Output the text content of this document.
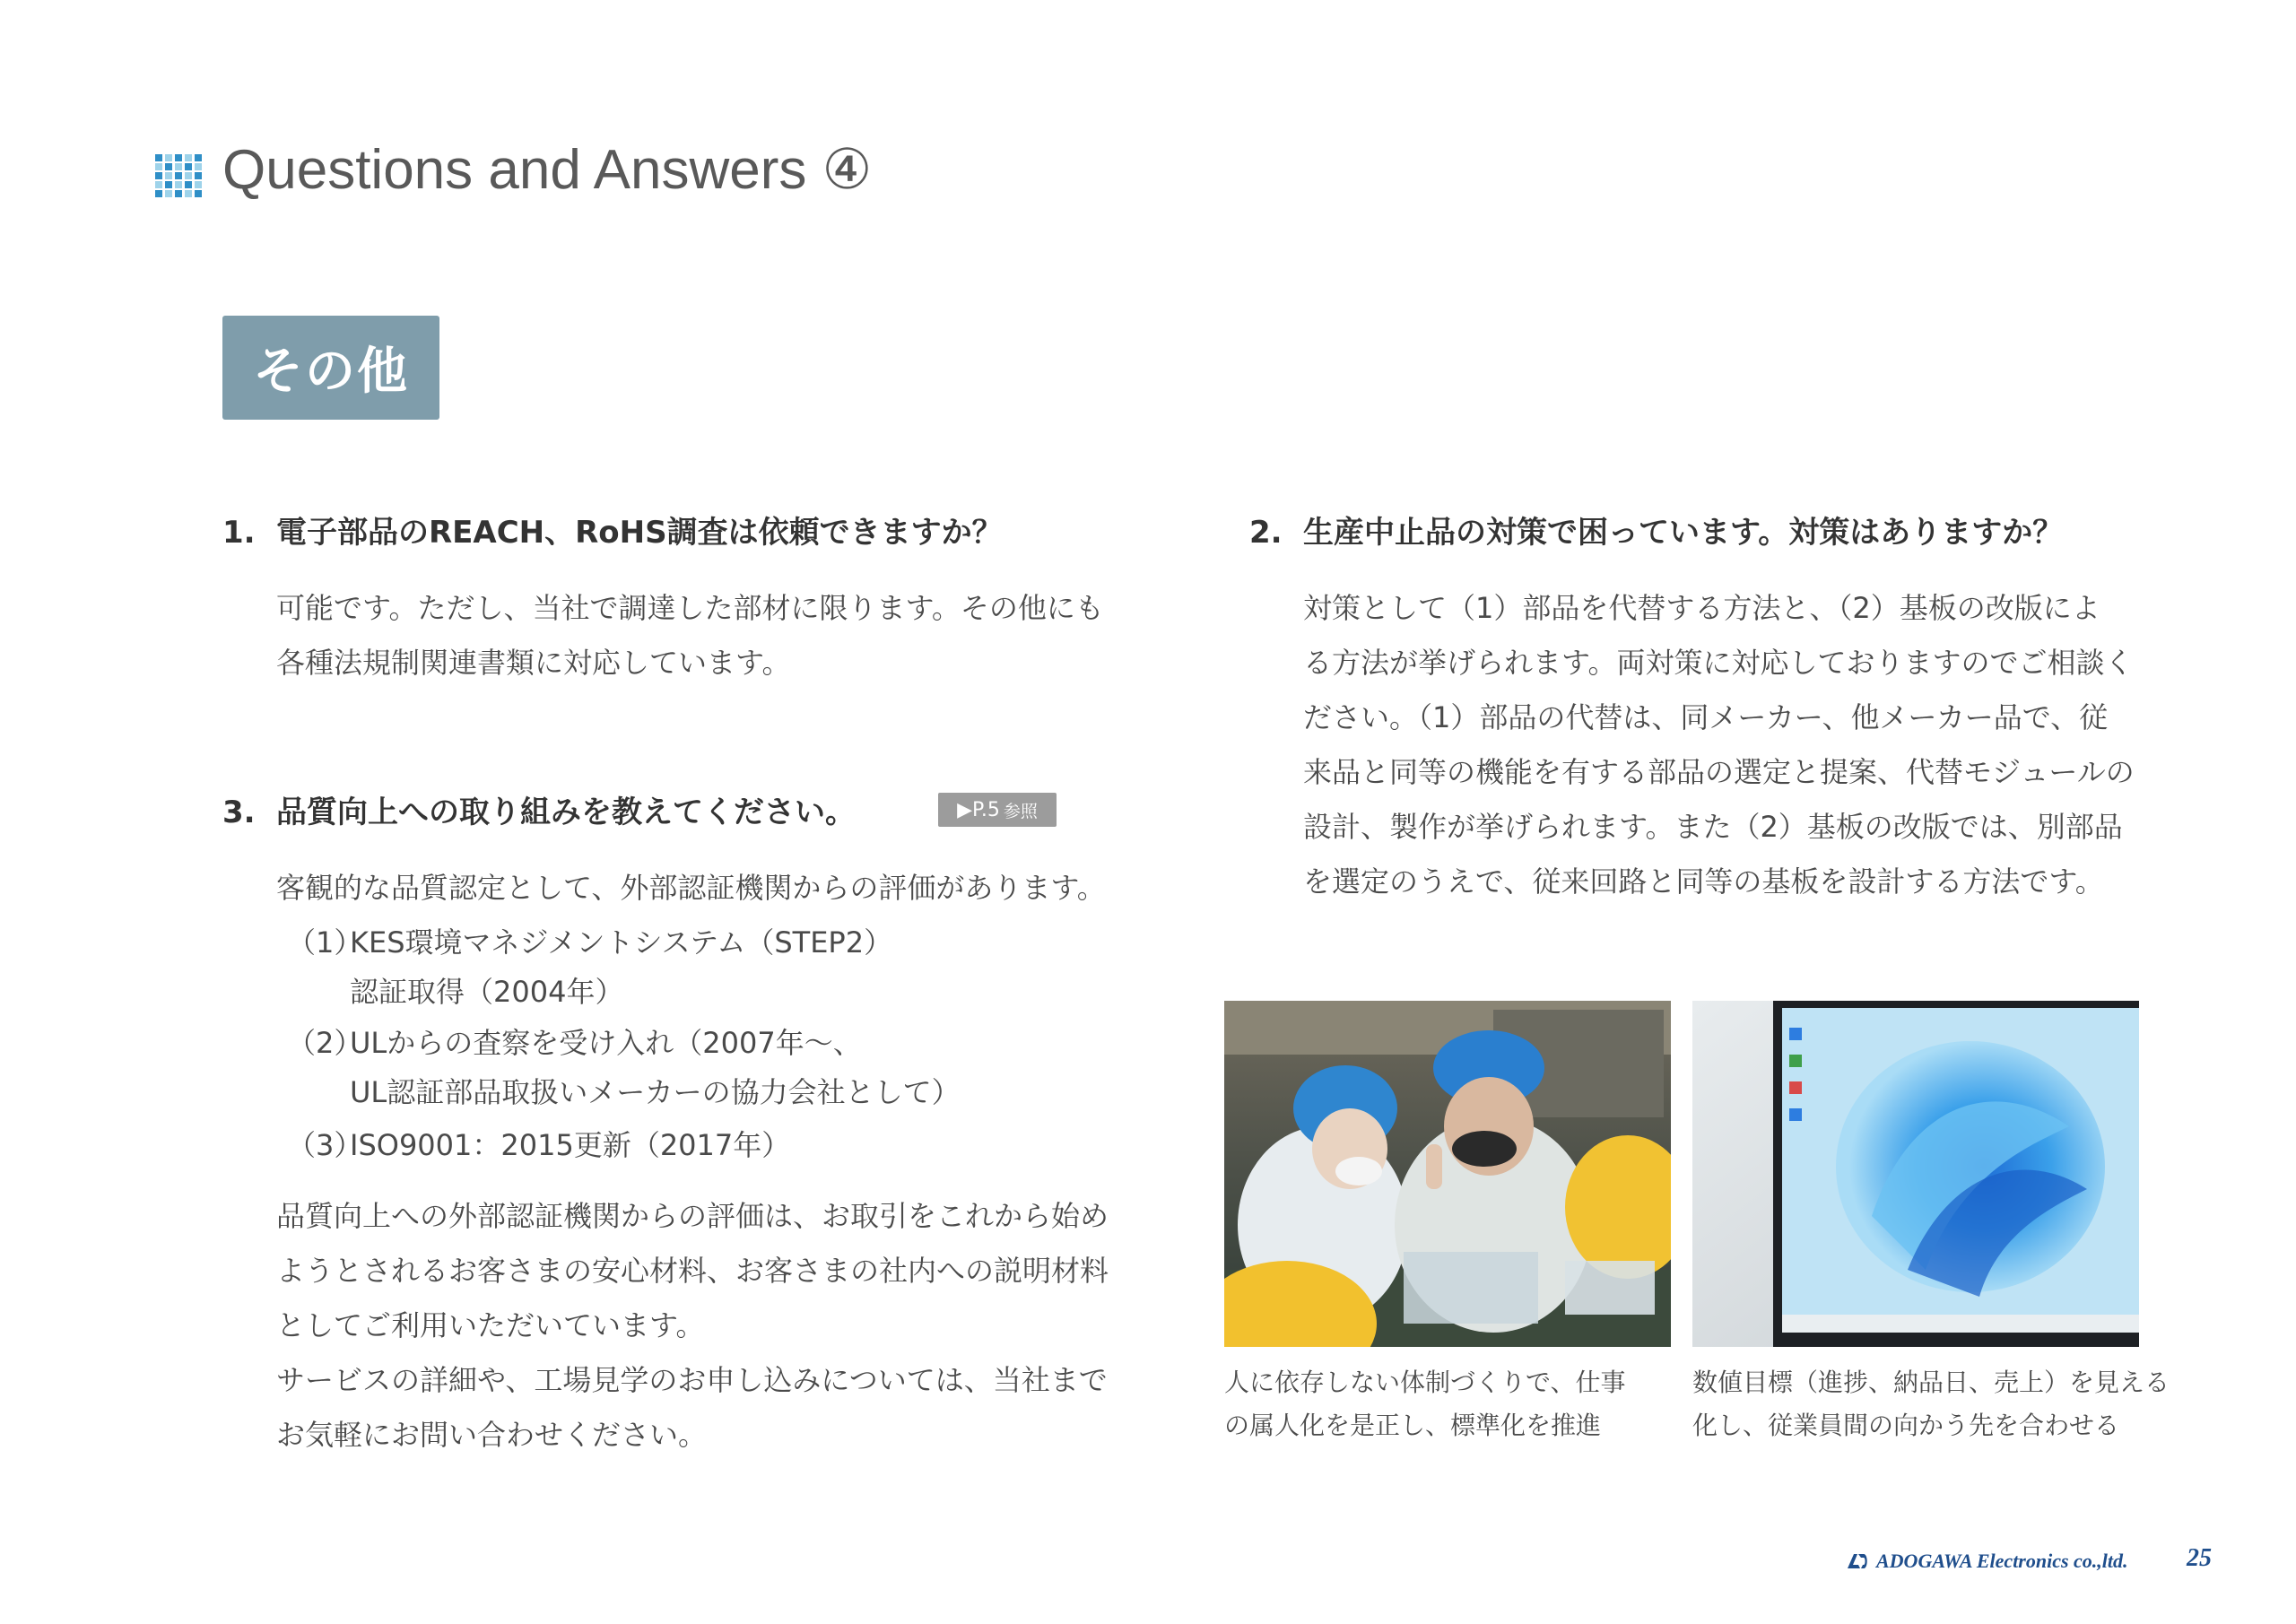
Questions and Answers ④
その他
1. 電子部品のREACH、RoHS調査は依頼できますか？

可能です。ただし、当社で調達した部材に限ります。その他にも

各種法規制関連書類に対応しています。

2. 生産中止品の対策で困っています。対策はありますか？

対策として（1）部品を代替する方法と、（2）基板の改版によ

る方法が挙げられます。両対策に対応しておりますのでご相談く

ださい。（1）部品の代替は、同メーカー、他メーカー品で、従

来品と同等の機能を有する部品の選定と提案、代替モジュールの

設計、製作が挙げられます。また（2）基板の改版では、別部品

を選定のうえで、従来回路と同等の基板を設計する方法です。

3. 品質向上への取り組みを教えてください。	▶P.5 参照
客観的な品質認定として、外部認証機関からの評価があります。
（1）KES環境マネジメントシステム（STEP2）
認証取得（2004年）
（2）ULからの査察を受け入れ（2007年〜、
UL認証部品取扱いメーカーの協力会社として）
（3）ISO9001：2015更新（2017年）

品質向上への外部認証機関からの評価は、お取引をこれから始め

ようとされるお客さまの安心材料、お客さまの社内への説明材料

としてご利用いただいています。

サービスの詳細や、工場見学のお申し込みについては、当社まで

お気軽にお問い合わせください。

人に依存しない体制づくりで、仕事
の属人化を是正し、標準化を推進
数値目標（進捗、納品日、売上）を見える
化し、従業員間の向かう先を合わせる
ADOGAWA Electronics co.,ltd. 25
